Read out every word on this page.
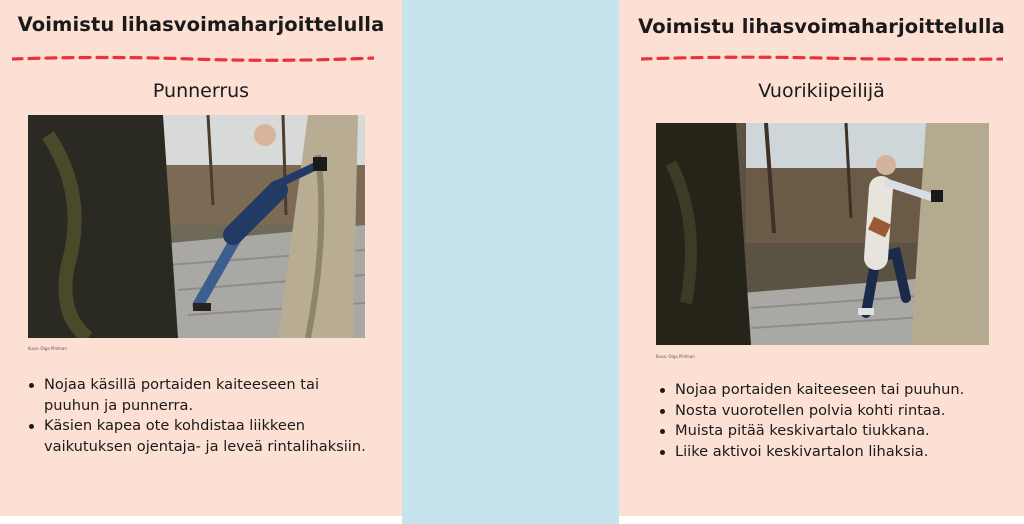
Voimistu lihasvoimaharjoittelulla
Punnerrus
Kuva: Olga Pihlman
Nojaa käsillä portaiden kaiteeseen tai puuhun ja punnerra.
Käsien kapea ote kohdistaa liikkeen vaikutuksen ojentaja- ja leveä rintalihaksiin.
Voimistu lihasvoimaharjoittelulla
Vuorikiipeilijä
Kuva: Olga Pihlman
Nojaa portaiden kaiteeseen tai puuhun.
Nosta vuorotellen polvia kohti rintaa.
Muista pitää keskivartalo tiukkana.
Liike aktivoi keskivartalon lihaksia.
